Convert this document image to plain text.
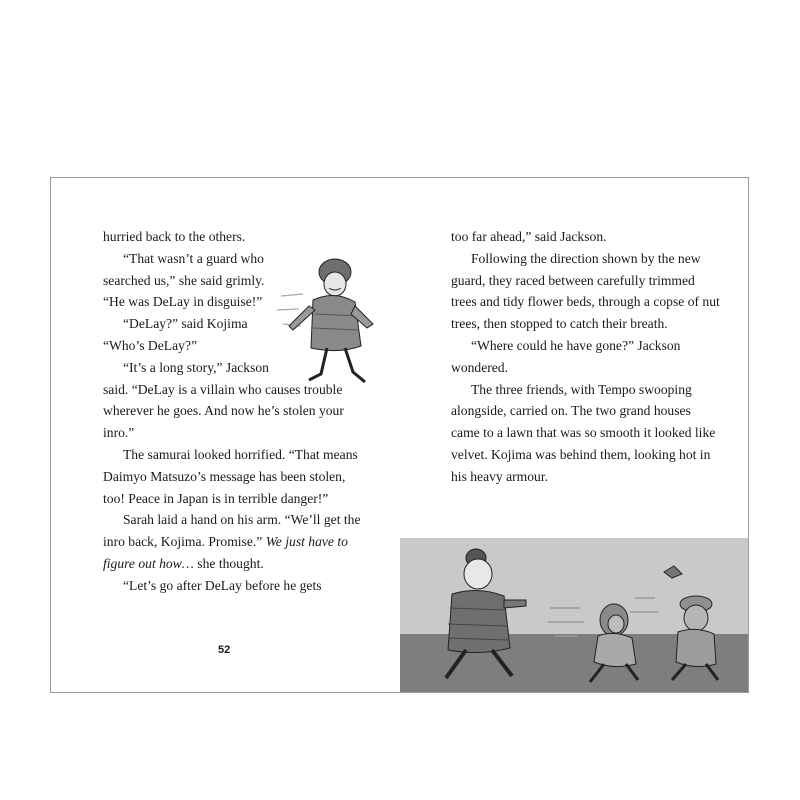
hurried back to the others.

“That wasn’t a guard who searched us,” she said grimly.

“He was DeLay in disguise!”

“DeLay?” said Kojima

“Who’s DeLay?”

“It’s a long story,” Jackson

said. “DeLay is a villain who causes trouble wherever he goes. And now he’s stolen your inro.”

The samurai looked horrified. “That means Daimyo Matsuzo’s message has been stolen, too! Peace in Japan is in terrible danger!”

Sarah laid a hand on his arm. “We’ll get the inro back, Kojima. Promise.” We just have to figure out how… she thought.

“Let’s go after DeLay before he gets

52

too far ahead,” said Jackson.

Following the direction shown by the new guard, they raced between carefully trimmed trees and tidy flower beds, through a copse of nut trees, then stopped to catch their breath.

“Where could he have gone?” Jackson wondered.

The three friends, with Tempo swooping alongside, carried on. The two grand houses came to a lawn that was so smooth it looked like velvet. Kojima was behind them, looking hot in his heavy armour.
